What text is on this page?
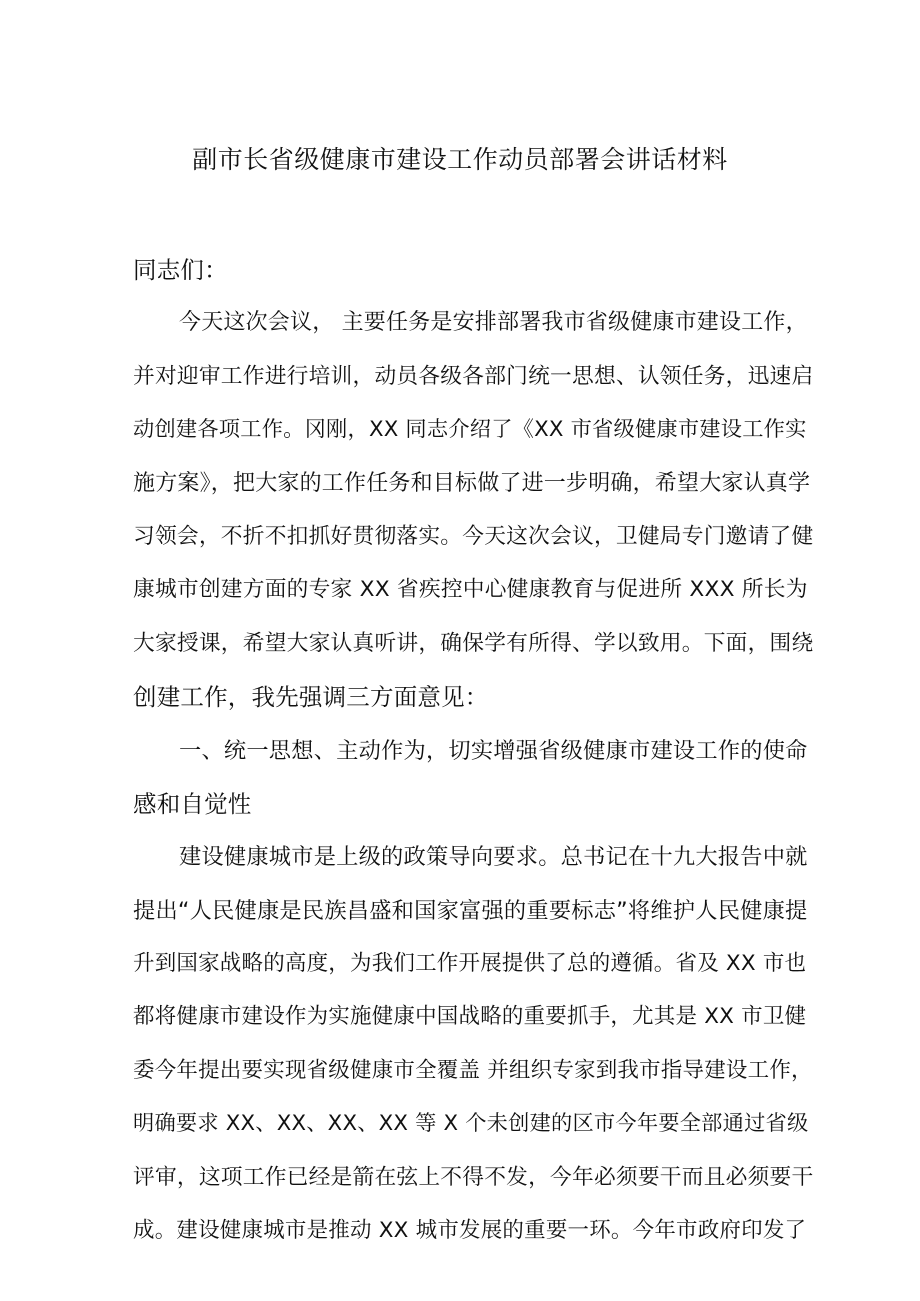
副市长省级健康市建设工作动员部署会讲话材料
同志们：
今天这次会议， 主要任务是安排部署我市省级健康市建设工作，
并对迎审工作进行培训，动员各级各部门统一思想、认领任务，迅速启
动创建各项工作。冈刚，XX 同志介绍了《XX 市省级健康市建设工作实
施方案》，把大家的工作任务和目标做了进一步明确，希望大家认真学
习领会，不折不扣抓好贯彻落实。今天这次会议，卫健局专门邀请了健
康城市创建方面的专家 XX 省疾控中心健康教育与促进所 XXX 所长为
大家授课，希望大家认真听讲，确保学有所得、学以致用。下面，围绕
创建工作，我先强调三方面意见：
一、统一思想、主动作为，切实增强省级健康市建设工作的使命
感和自觉性
建设健康城市是上级的政策导向要求。总书记在十九大报告中就
提出“人民健康是民族昌盛和国家富强的重要标志”将维护人民健康提
升到国家战略的高度，为我们工作开展提供了总的遵循。省及 XX 市也
都将健康市建设作为实施健康中国战略的重要抓手，尤其是 XX 市卫健
委今年提出要实现省级健康市全覆盖 并组织专家到我市指导建设工作，
明确要求 XX、XX、XX、XX 等 X 个未创建的区市今年要全部通过省级
评审，这项工作已经是箭在弦上不得不发，今年必须要干而且必须要干
成。建设健康城市是推动 XX 城市发展的重要一环。今年市政府印发了
